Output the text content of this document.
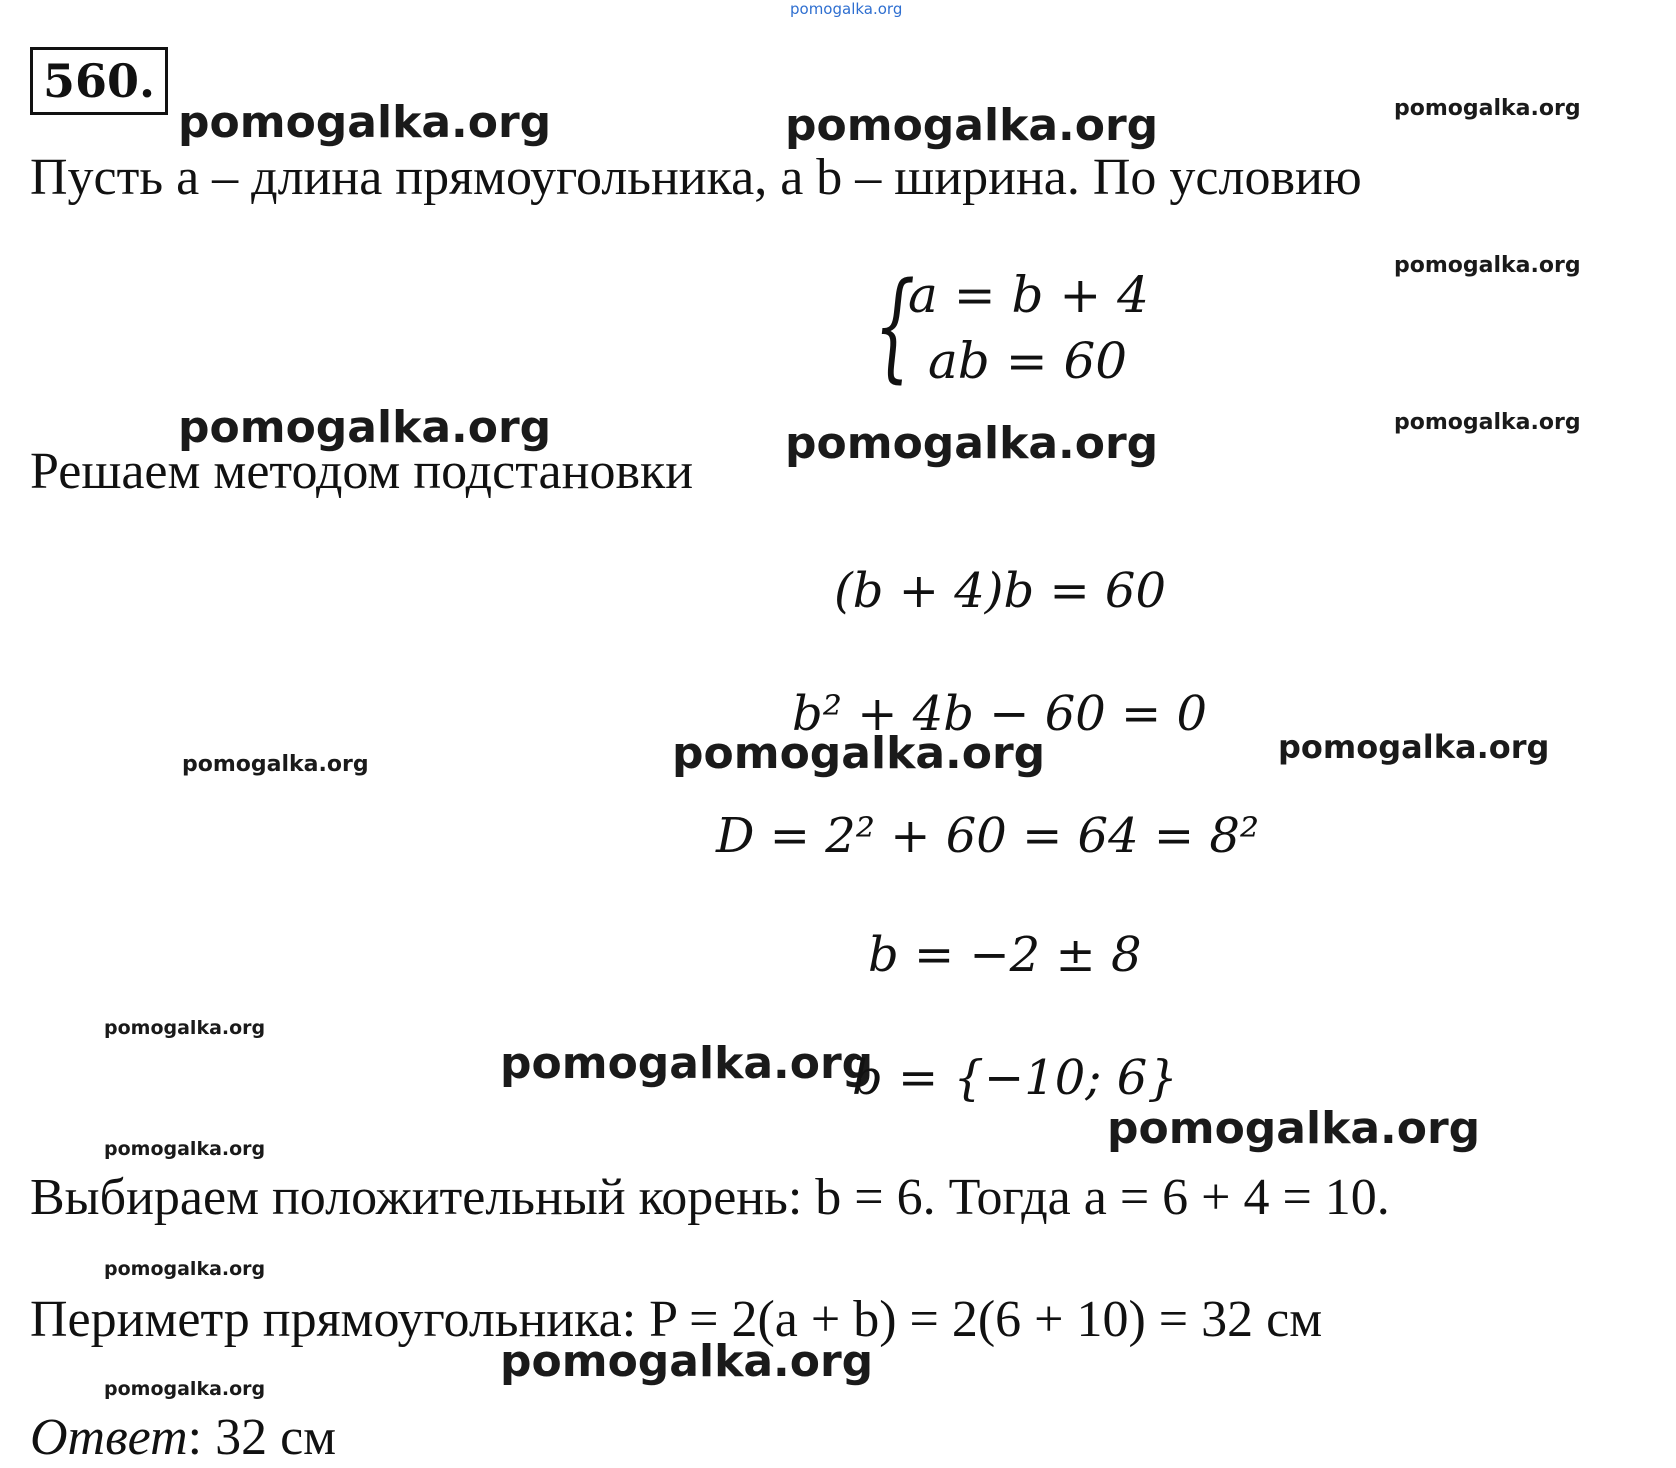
pomogalka.org
560.
pomogalka.org	pomogalka.org	pomogalka.org
Пусть a – длина прямоугольника, а b – ширина. По условию
pomogalka.org
{
a = b + 4
ab = 60
pomogalka.org	pomogalka.org
Решаем методом подстановки pomogalka.org
(b + 4)b = 60
b² + 4b − 60 = 0
pomogalka.org	pomogalka.org	pomogalka.org
D = 2² + 60 = 64 = 8²
b = −2 ± 8
pomogalka.org
pomogalka.org
b = {−10; 6}
pomogalka.org
pomogalka.org
Выбираем положительный корень: b = 6. Тогда a = 6 + 4 = 10.
pomogalka.org
Периметр прямоугольника: P = 2(a + b) = 2(6 + 10) = 32 см
pomogalka.org
pomogalka.org
Ответ: 32 см
